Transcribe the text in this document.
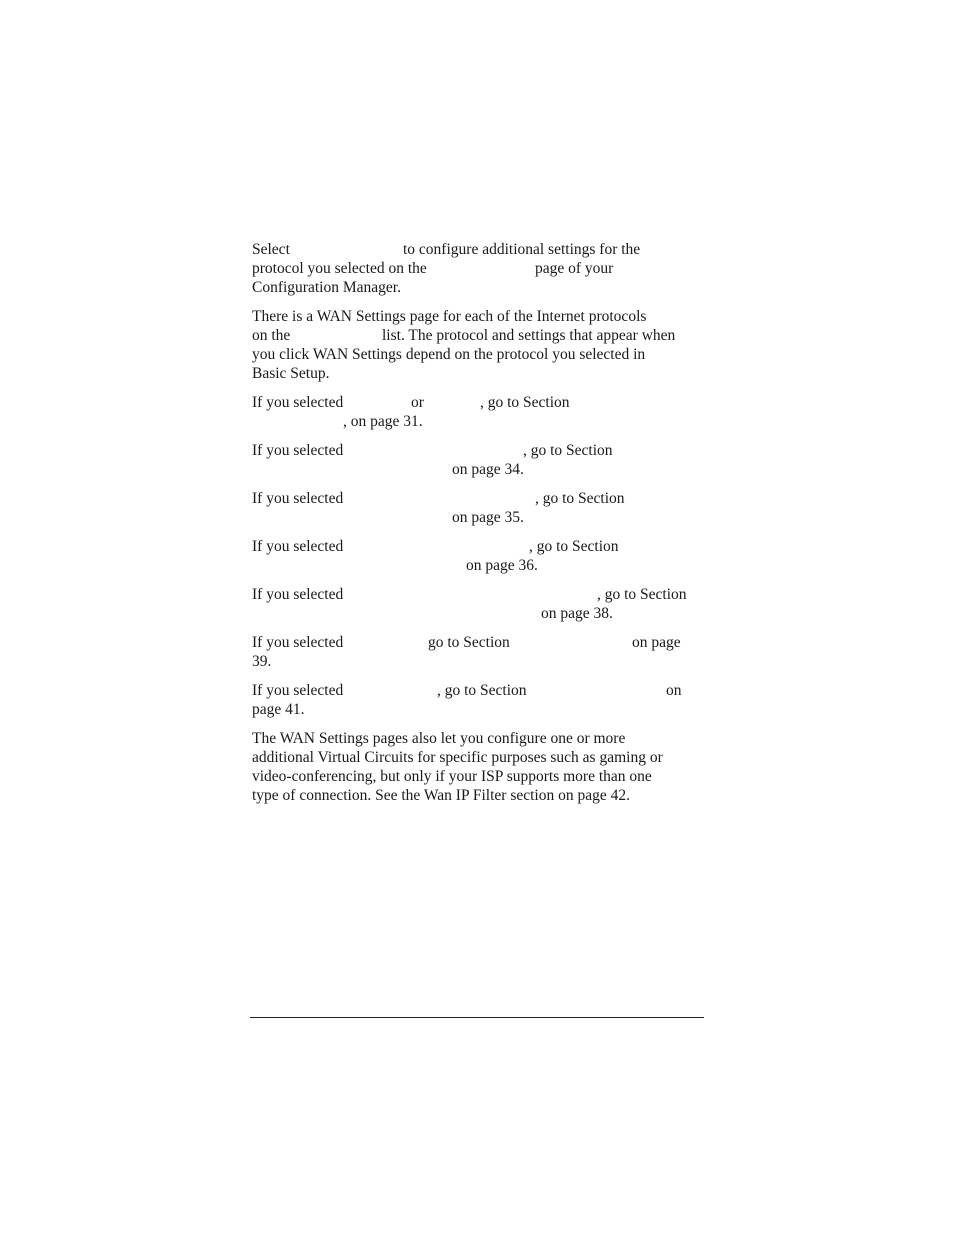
Select

	to configure additional settings for the

protocol you selected on the

	page of your

Configuration Manager.
There is a WAN Settings page for each of the Internet protocols

on the

	list. The protocol and settings that appear when

you click WAN Settings depend on the protocol you selected in
Basic Setup.

If you selected

	or

	, go to Section

, on page 31.

If you selected

	, go to Section

on page 34.

If you selected

	, go to Section

on page 35.

If you selected

	, go to Section

on page 36.

If you selected

	, go to Section

on page 38.

If you selected

	go to Section

	on page

39.

If you selected

	, go to Section

	on

page 41.
The WAN Settings pages also let you configure one or more
additional Virtual Circuits for specific purposes such as gaming or
video-conferencing, but only if your ISP supports more than one
type of connection. See the Wan IP Filter section on page 42.
